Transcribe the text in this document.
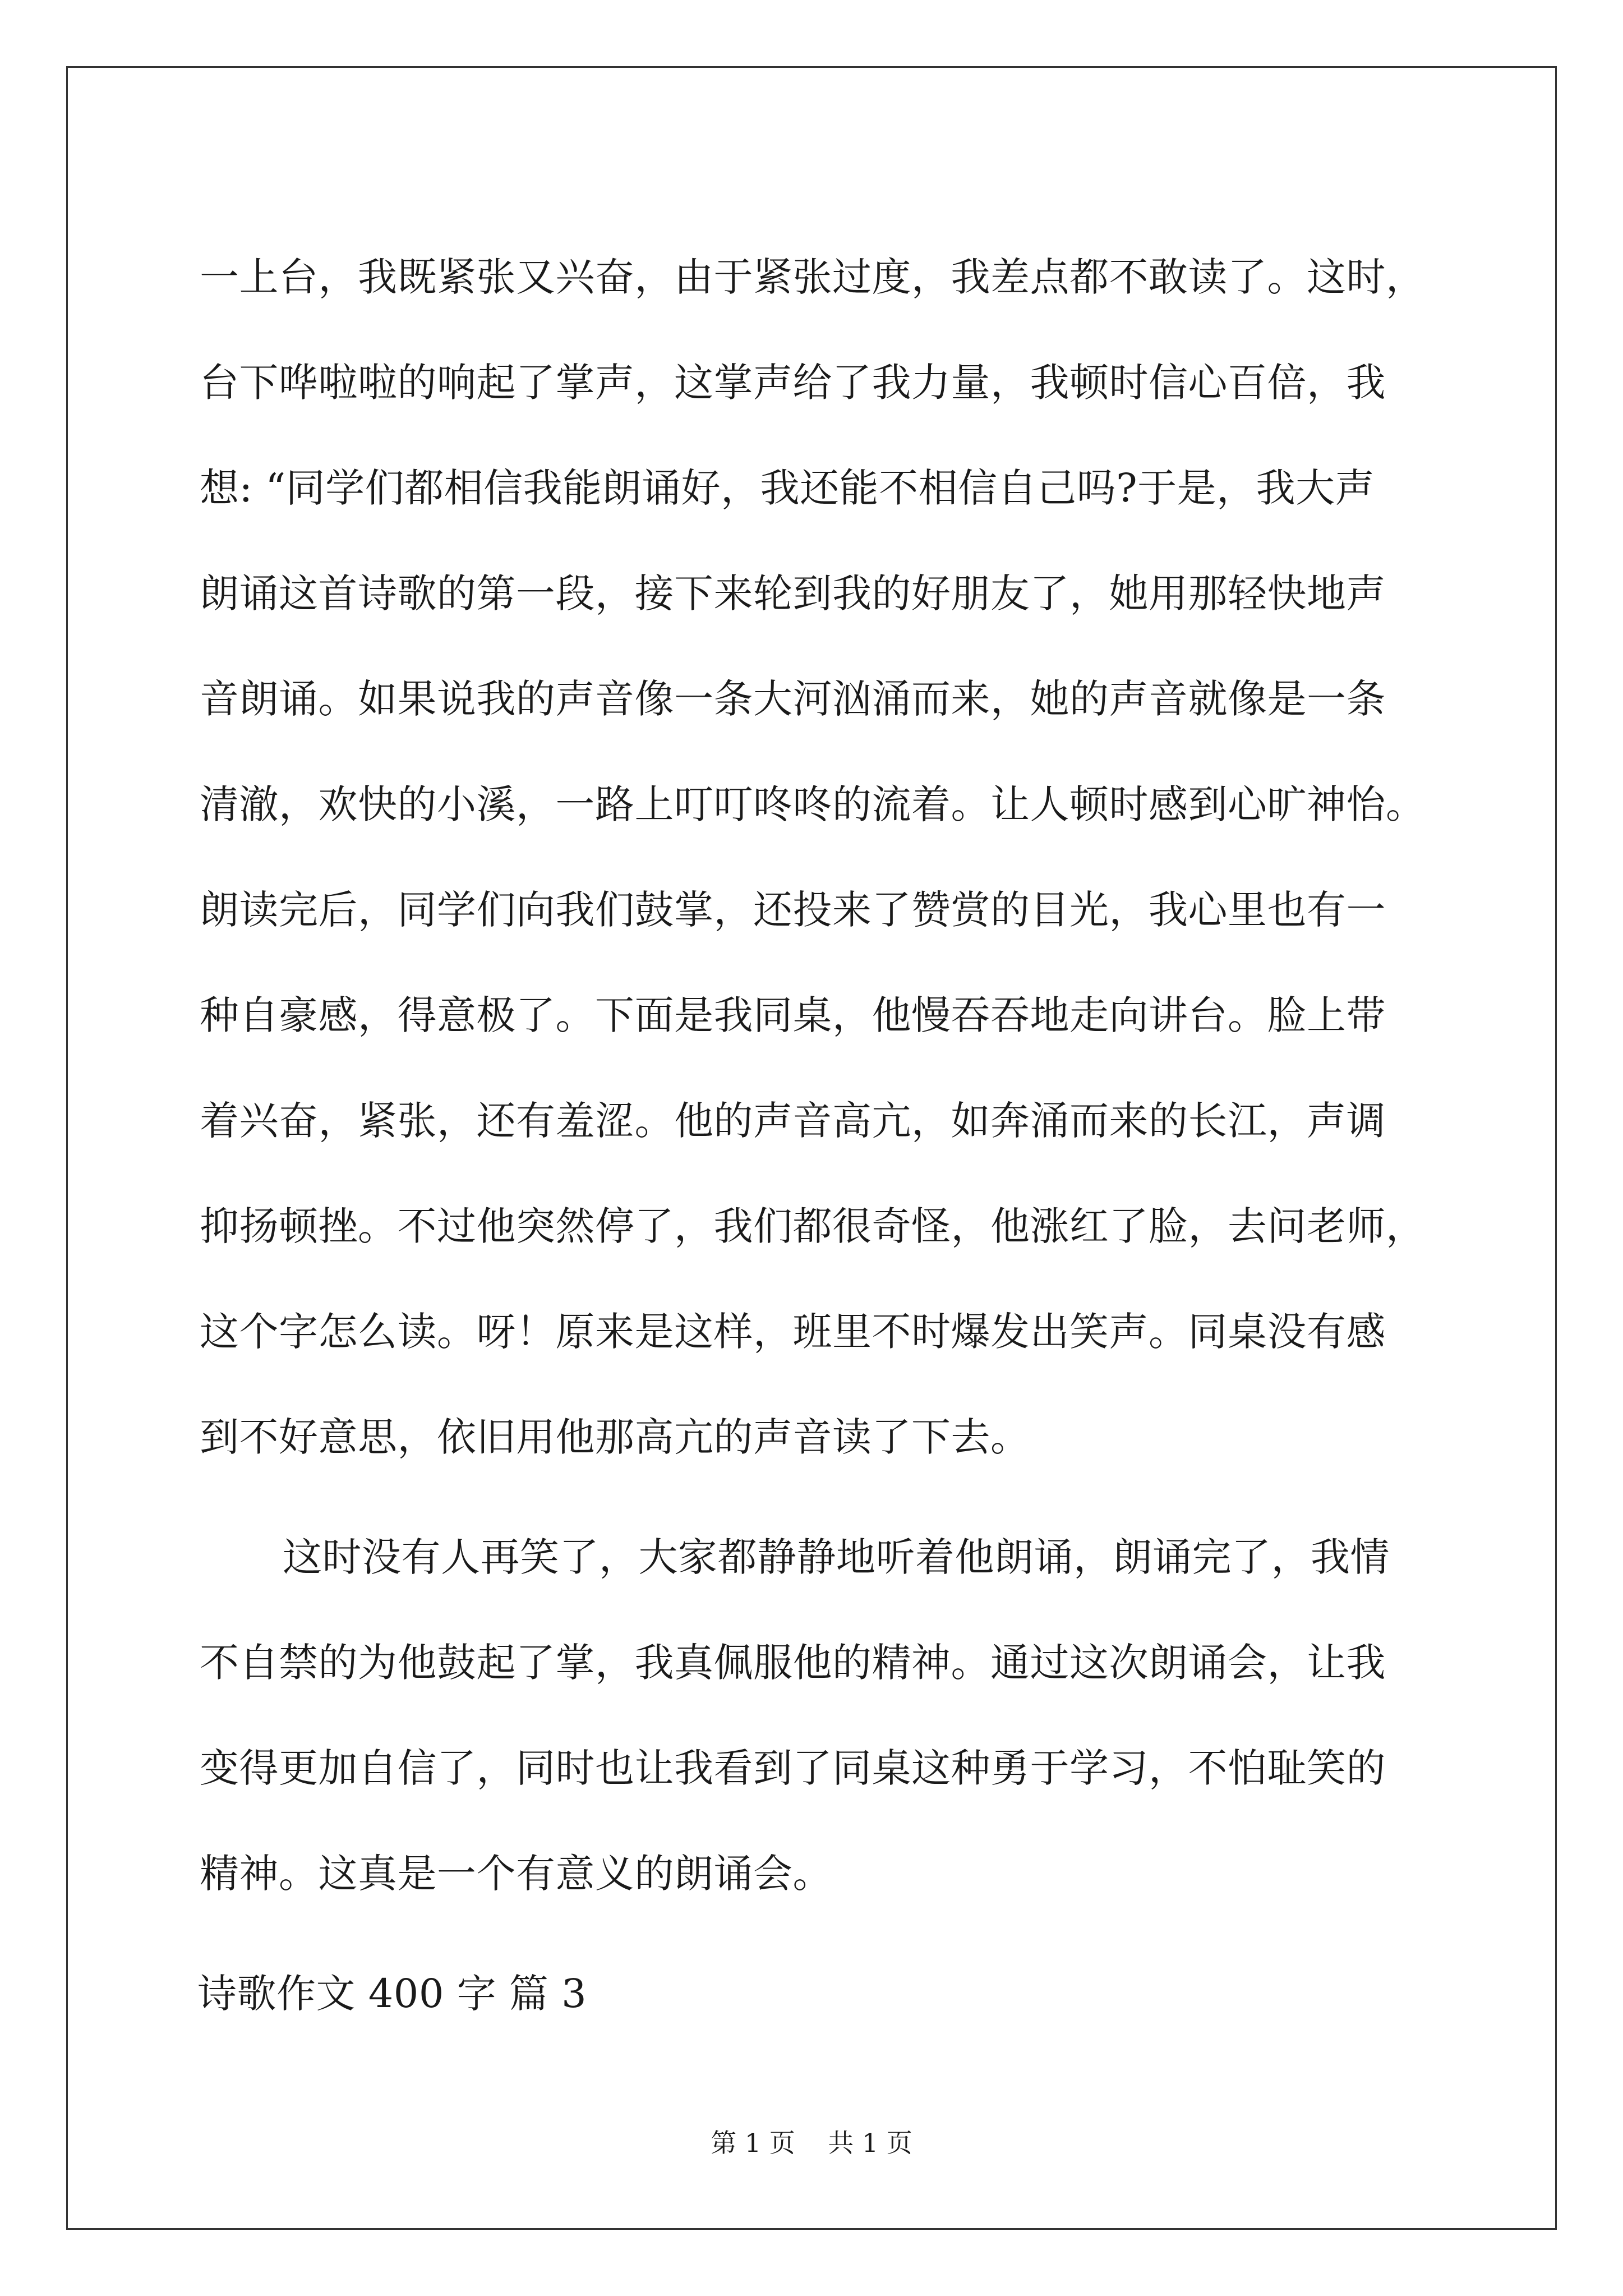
一上台，我既紧张又兴奋，由于紧张过度，我差点都不敢读了。这时，
台下哗啦啦的响起了掌声，这掌声给了我力量，我顿时信心百倍，我
想: “同学们都相信我能朗诵好，我还能不相信自己吗?于是，我大声
朗诵这首诗歌的第一段，接下来轮到我的好朋友了，她用那轻快地声
音朗诵。如果说我的声音像一条大河汹涌而来，她的声音就像是一条
清澈，欢快的小溪，一路上叮叮咚咚的流着。让人顿时感到心旷神怡。
朗读完后，同学们向我们鼓掌，还投来了赞赏的目光，我心里也有一
种自豪感，得意极了。下面是我同桌，他慢吞吞地走向讲台。脸上带
着兴奋，紧张，还有羞涩。他的声音高亢，如奔涌而来的长江，声调
抑扬顿挫。不过他突然停了，我们都很奇怪，他涨红了脸，去问老师，
这个字怎么读。呀！原来是这样，班里不时爆发出笑声。同桌没有感
到不好意思，依旧用他那高亢的声音读了下去。
这时没有人再笑了，大家都静静地听着他朗诵，朗诵完了，我情
不自禁的为他鼓起了掌，我真佩服他的精神。通过这次朗诵会，让我
变得更加自信了，同时也让我看到了同桌这种勇于学习，不怕耻笑的
精神。这真是一个有意义的朗诵会。
诗歌作文 400 字 篇 3
第 1 页 共 1 页
